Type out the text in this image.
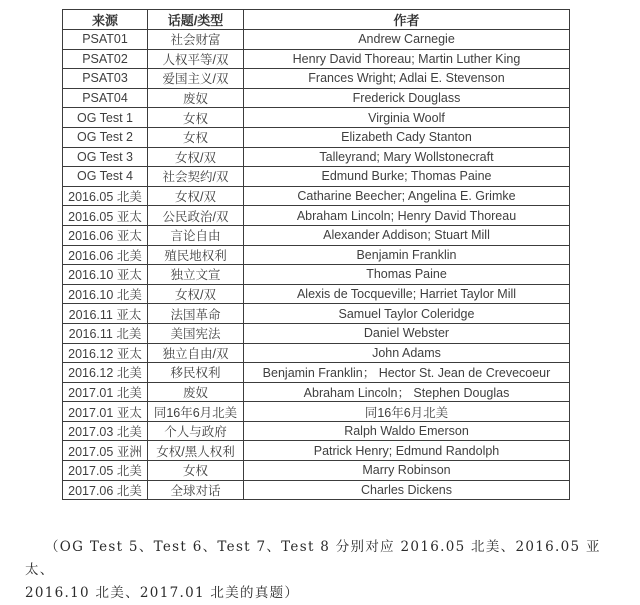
来源	话题/类型	作者
PSAT01	社会财富	Andrew Carnegie
PSAT02	人权平等/双	Henry David Thoreau; Martin Luther King
PSAT03	爱国主义/双	Frances Wright; Adlai E. Stevenson
PSAT04	废奴	Frederick Douglass
OG Test 1	女权	Virginia Woolf
OG Test 2	女权	Elizabeth Cady Stanton
OG Test 3	女权/双	Talleyrand; Mary Wollstonecraft
OG Test 4	社会契约/双	Edmund Burke; Thomas Paine
2016.05 北美	女权/双	Catharine Beecher; Angelina E. Grimke
2016.05 亚太	公民政治/双	Abraham Lincoln; Henry David Thoreau
2016.06 亚太	言论自由	Alexander Addison; Stuart Mill
2016.06 北美	殖民地权利	Benjamin Franklin
2016.10 亚太	独立文宣	Thomas Paine
2016.10 北美	女权/双	Alexis de Tocqueville; Harriet Taylor Mill
2016.11 亚太	法国革命	Samuel Taylor Coleridge
2016.11 北美	美国宪法	Daniel Webster
2016.12 亚太	独立自由/双	John Adams
2016.12 北美	移民权利	Benjamin Franklin； Hector St. Jean de Crevecoeur
2017.01 北美	废奴	Abraham Lincoln； Stephen Douglas
2017.01 亚太	同16年6月北美	同16年6月北美
2017.03 北美	个人与政府	Ralph Waldo Emerson
2017.05 亚洲	女权/黑人权利	Patrick Henry; Edmund Randolph
2017.05 北美	女权	Marry Robinson
2017.06 北美	全球对话	Charles Dickens
（OG Test 5、Test 6、Test 7、Test 8 分别对应 2016.05 北美、2016.05 亚太、
2016.10 北美、2017.01 北美的真题）
